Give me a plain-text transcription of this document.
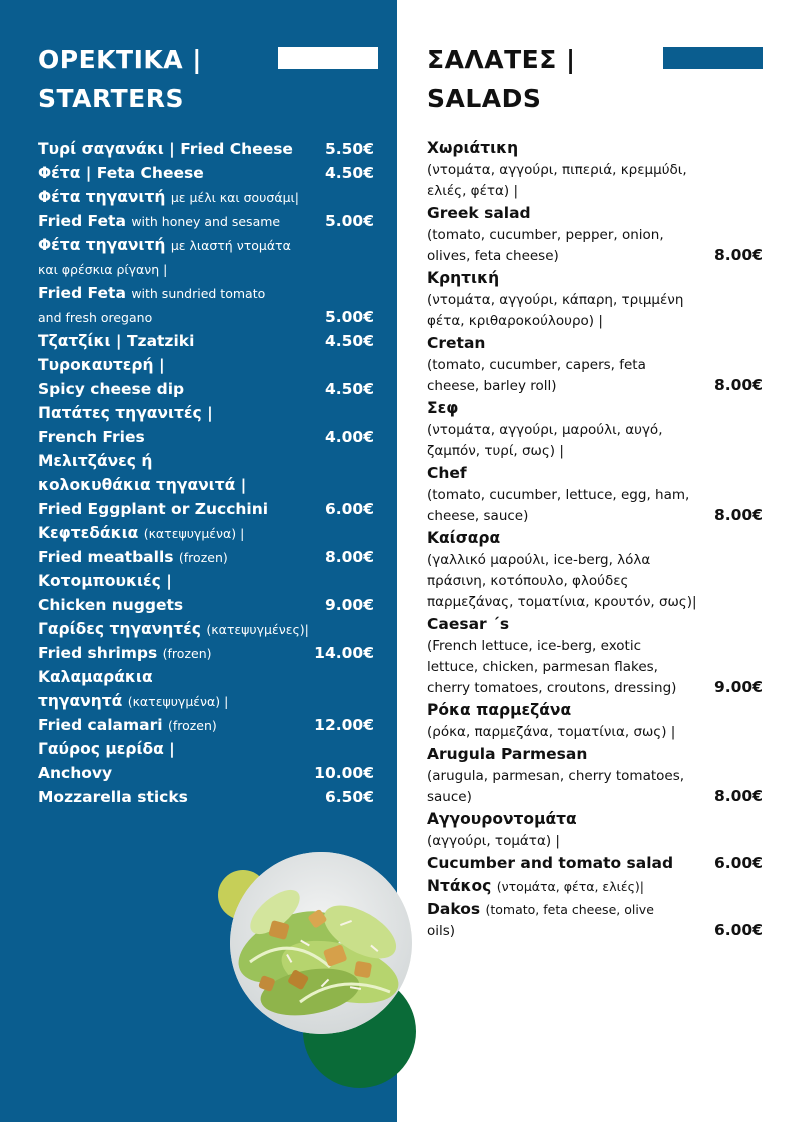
ΟΡΕΚΤΙΚΑ |
STARTERS
Τυρί σαγανάκι | Fried Cheese 5.50€
Φέτα | Feta Cheese	4.50€
Φέτα τηγανιτή με μέλι και σουσάμι|
Fried Feta with honey and sesame	5.00€
Φέτα τηγανιτή με λιαστή ντομάτα
και φρέσκια ρίγανη |
Fried Feta with sundried tomato
and fresh oregano	5.00€
Τζατζίκι | Tzatziki	4.50€
Τυροκαυτερή |
Spicy cheese dip	4.50€
Πατάτες τηγανιτές |
French Fries	4.00€
Μελιτζάνες ή
κολοκυθάκια τηγανιτά |
Fried Eggplant or Zucchini	6.00€
Κεφτεδάκια (κατεψυγμένα) |
Fried meatballs (frozen)	8.00€
Κοτομπουκιές |
Chicken nuggets	9.00€
Γαρίδες τηγανητές (κατεψυγμένες)|
Fried shrimps (frozen)	14.00€
Καλαμαράκια
τηγανητά (κατεψυγμένα) |
Fried calamari (frozen)	12.00€
Γαύρος μερίδα |
Anchovy	10.00€
Mozzarella sticks	6.50€
ΣΑΛΑΤΕΣ |
SALADS
Χωριάτικη
(ντομάτα, αγγούρι, πιπεριά, κρεμμύδι,
ελιές, φέτα) |
Greek salad
(tomato, cucumber, pepper, onion,
olives, feta cheese)	8.00€
Κρητική
(ντομάτα, αγγούρι, κάπαρη, τριμμένη
φέτα, κριθαροκούλουρο) |
Cretan
(tomato, cucumber, capers, feta
cheese, barley roll)	8.00€
Σεφ
(ντομάτα, αγγούρι, μαρούλι, αυγό,
ζαμπόν, τυρί, σως) |
Chef
(tomato, cucumber, lettuce, egg, ham,
cheese, sauce)	8.00€
Καίσαρα
(γαλλικό μαρούλι, ice-berg, λόλα
πράσινη, κοτόπουλο, φλούδες
παρμεζάνας, τοματίνια, κρουτόν, σως)|
Caesar ´s
(French lettuce, ice-berg, exotic
lettuce, chicken, parmesan flakes,
cherry tomatoes, croutons, dressing) 9.00€
Ρόκα παρμεζάνα
(ρόκα, παρμεζάνα, τοματίνια, σως) |
Arugula Parmesan
(arugula, parmesan, cherry tomatoes,
sauce)	8.00€
Αγγουροντομάτα
(αγγούρι, τομάτα) |
Cucumber and tomato salad	6.00€
Ντάκος (ντομάτα, φέτα, ελιές)|
Dakos (tomato, feta cheese, olive
oils)	6.00€
